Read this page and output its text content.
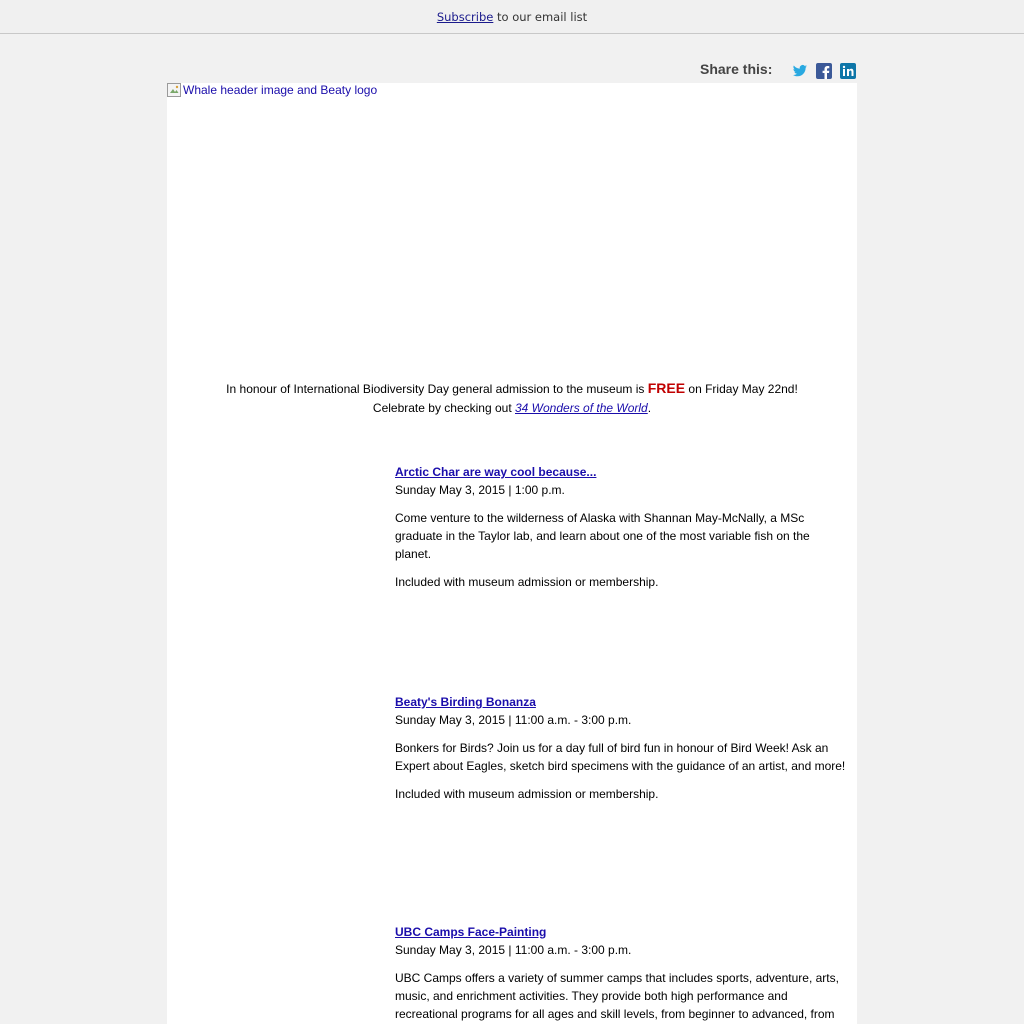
Subscribe to our email list
Share this:
Whale header image and Beaty logo
In honour of International Biodiversity Day general admission to the museum is FREE on Friday May 22nd!
Celebrate by checking out 34 Wonders of the World.
Arctic Char are way cool because...
Sunday May 3, 2015 | 1:00 p.m.

Come venture to the wilderness of Alaska with Shannan May-McNally, a MSc graduate in the Taylor lab, and learn about one of the most variable fish on the planet.

Included with museum admission or membership.

Beaty's Birding Bonanza
Sunday May 3, 2015 | 11:00 a.m. - 3:00 p.m.

Bonkers for Birds? Join us for a day full of bird fun in honour of Bird Week! Ask an Expert about Eagles, sketch bird specimens with the guidance of an artist, and more!

Included with museum admission or membership.

UBC Camps Face-Painting
Sunday May 3, 2015 | 11:00 a.m. - 3:00 p.m.

UBC Camps offers a variety of summer camps that includes sports, adventure, arts, music, and enrichment activities. They provide both high performance and recreational programs for all ages and skill levels, from beginner to advanced, from
